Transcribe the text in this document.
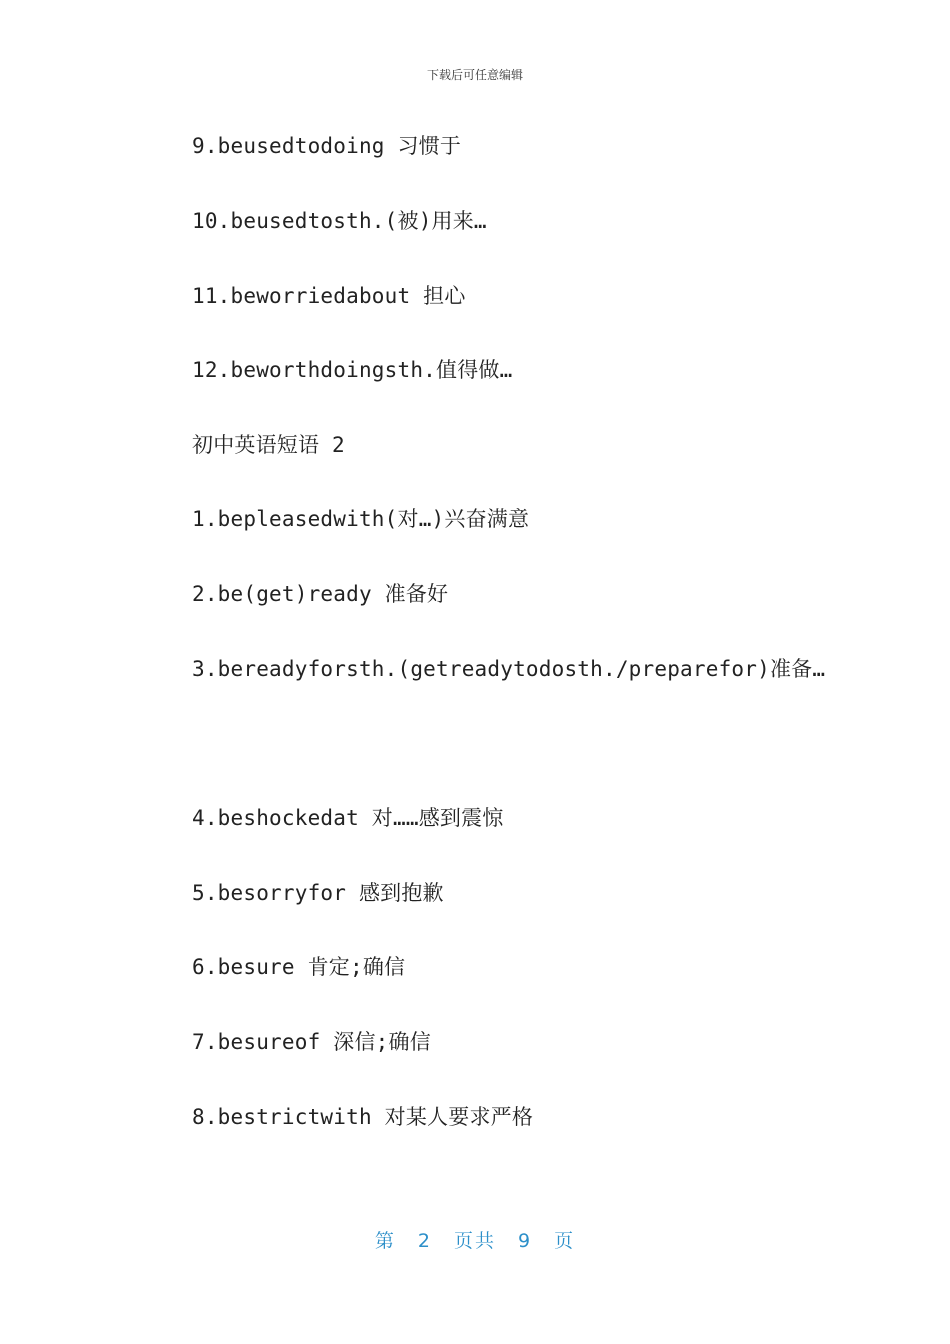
下载后可任意编辑
9.beusedtodoing 习惯于
10.beusedtosth.(被)用来…
11.beworriedabout 担心
12.beworthdoingsth.值得做…
初中英语短语 2
1.bepleasedwith(对…)兴奋满意
2.be(get)ready 准备好
3.bereadyforsth.(getreadytodosth./preparefor)准备…
4.beshockedat 对……感到震惊
5.besorryfor 感到抱歉
6.besure 肯定;确信
7.besureof 深信;确信
8.bestrictwith 对某人要求严格
第 2 页共 9 页
